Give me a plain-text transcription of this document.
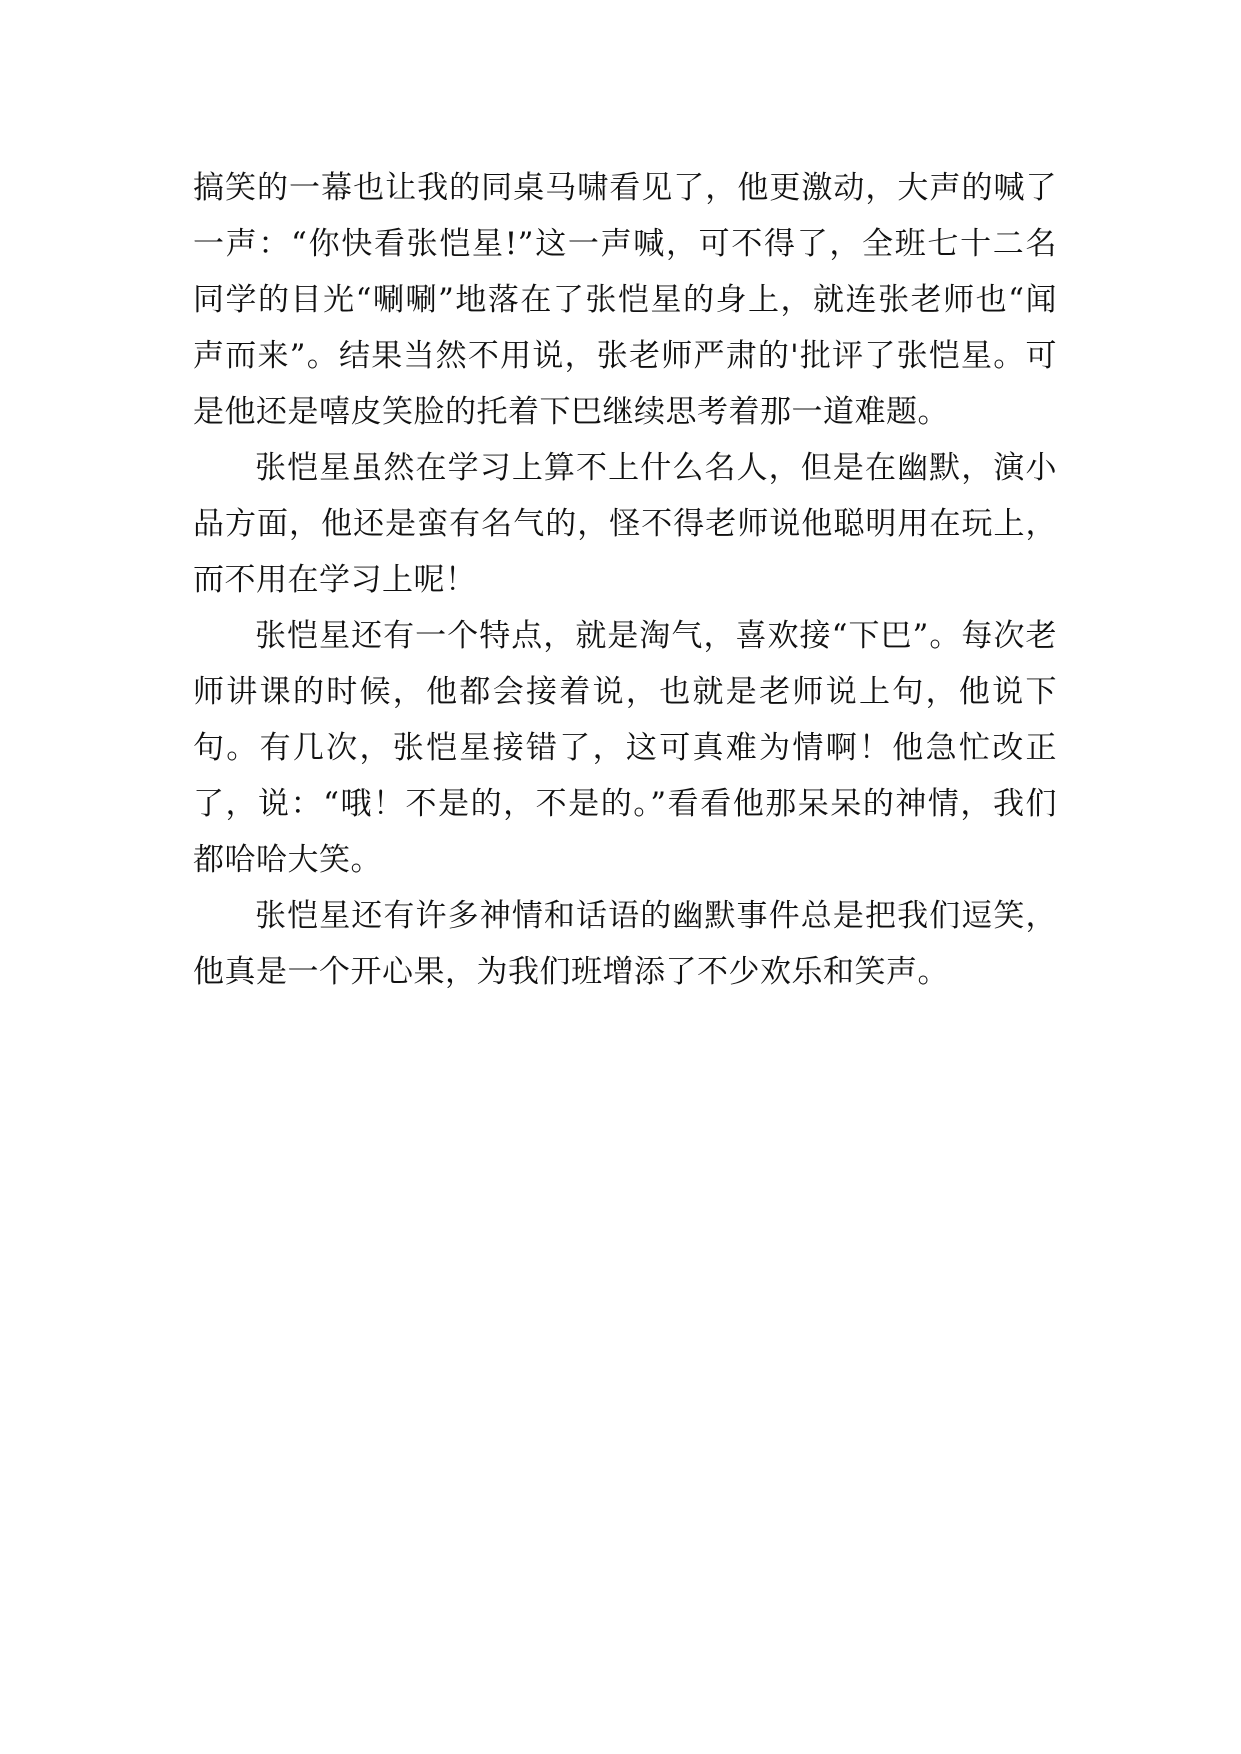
搞笑的一幕也让我的同桌马啸看见了，他更激动，大声的喊了一声：“你快看张恺星!”这一声喊，可不得了，全班七十二名同学的目光“唰唰”地落在了张恺星的身上，就连张老师也“闻声而来”。结果当然不用说，张老师严肃的'批评了张恺星。可是他还是嘻皮笑脸的托着下巴继续思考着那一道难题。

张恺星虽然在学习上算不上什么名人，但是在幽默，演小品方面，他还是蛮有名气的，怪不得老师说他聪明用在玩上，而不用在学习上呢！

张恺星还有一个特点，就是淘气，喜欢接“下巴”。每次老师讲课的时候，他都会接着说，也就是老师说上句，他说下句。有几次，张恺星接错了，这可真难为情啊！他急忙改正了，说：“哦！不是的，不是的。”看看他那呆呆的神情，我们都哈哈大笑。

张恺星还有许多神情和话语的幽默事件总是把我们逗笑，他真是一个开心果，为我们班增添了不少欢乐和笑声。
